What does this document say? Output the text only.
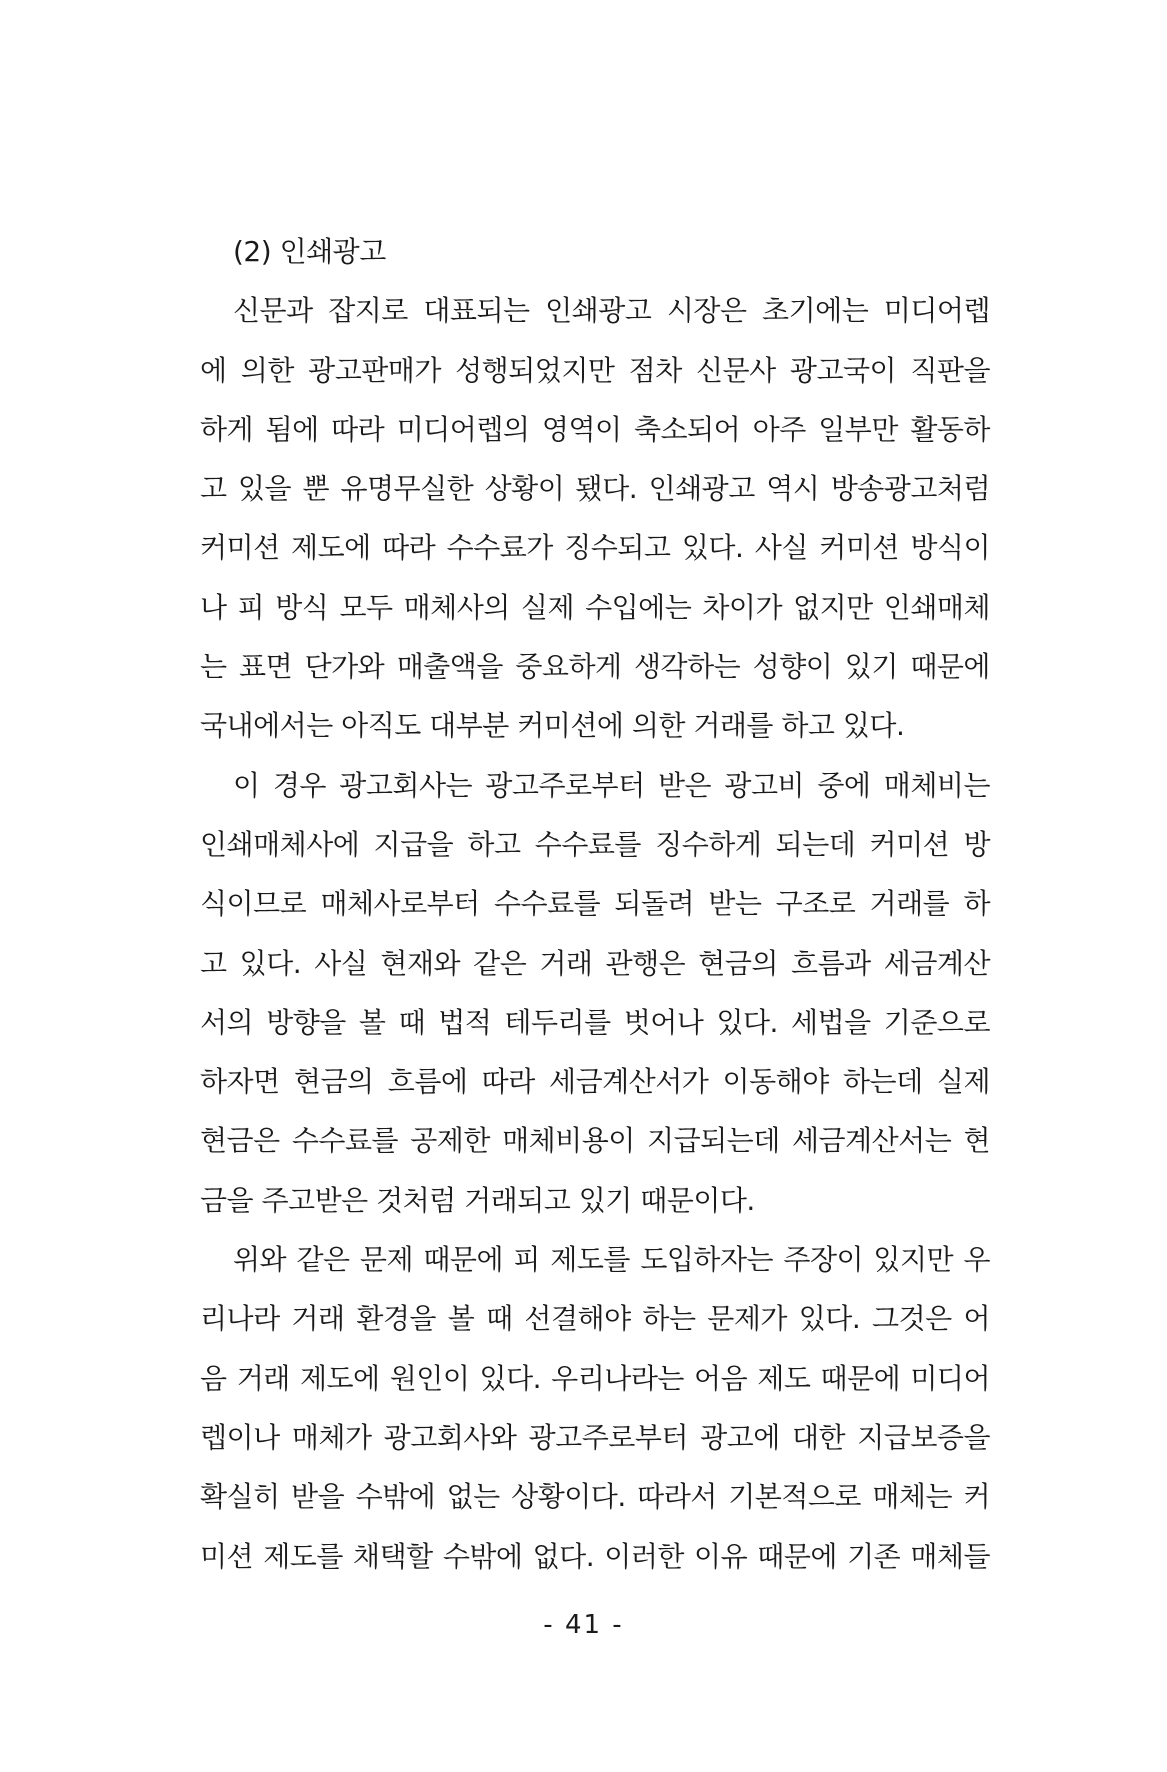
(2) 인쇄광고
신문과 잡지로 대표되는 인쇄광고 시장은 초기에는 미디어렙
에 의한 광고판매가 성행되었지만 점차 신문사 광고국이 직판을
하게 됨에 따라 미디어렙의 영역이 축소되어 아주 일부만 활동하
고 있을 뿐 유명무실한 상황이 됐다. 인쇄광고 역시 방송광고처럼
커미션 제도에 따라 수수료가 징수되고 있다. 사실 커미션 방식이
나 피 방식 모두 매체사의 실제 수입에는 차이가 없지만 인쇄매체
는 표면 단가와 매출액을 중요하게 생각하는 성향이 있기 때문에
국내에서는 아직도 대부분 커미션에 의한 거래를 하고 있다.
이 경우 광고회사는 광고주로부터 받은 광고비 중에 매체비는
인쇄매체사에 지급을 하고 수수료를 징수하게 되는데 커미션 방
식이므로 매체사로부터 수수료를 되돌려 받는 구조로 거래를 하
고 있다. 사실 현재와 같은 거래 관행은 현금의 흐름과 세금계산
서의 방향을 볼 때 법적 테두리를 벗어나 있다. 세법을 기준으로
하자면 현금의 흐름에 따라 세금계산서가 이동해야 하는데 실제
현금은 수수료를 공제한 매체비용이 지급되는데 세금계산서는 현
금을 주고받은 것처럼 거래되고 있기 때문이다.
위와 같은 문제 때문에 피 제도를 도입하자는 주장이 있지만 우
리나라 거래 환경을 볼 때 선결해야 하는 문제가 있다. 그것은 어
음 거래 제도에 원인이 있다. 우리나라는 어음 제도 때문에 미디어
렙이나 매체가 광고회사와 광고주로부터 광고에 대한 지급보증을
확실히 받을 수밖에 없는 상황이다. 따라서 기본적으로 매체는 커
미션 제도를 채택할 수밖에 없다. 이러한 이유 때문에 기존 매체들
- 41 -
